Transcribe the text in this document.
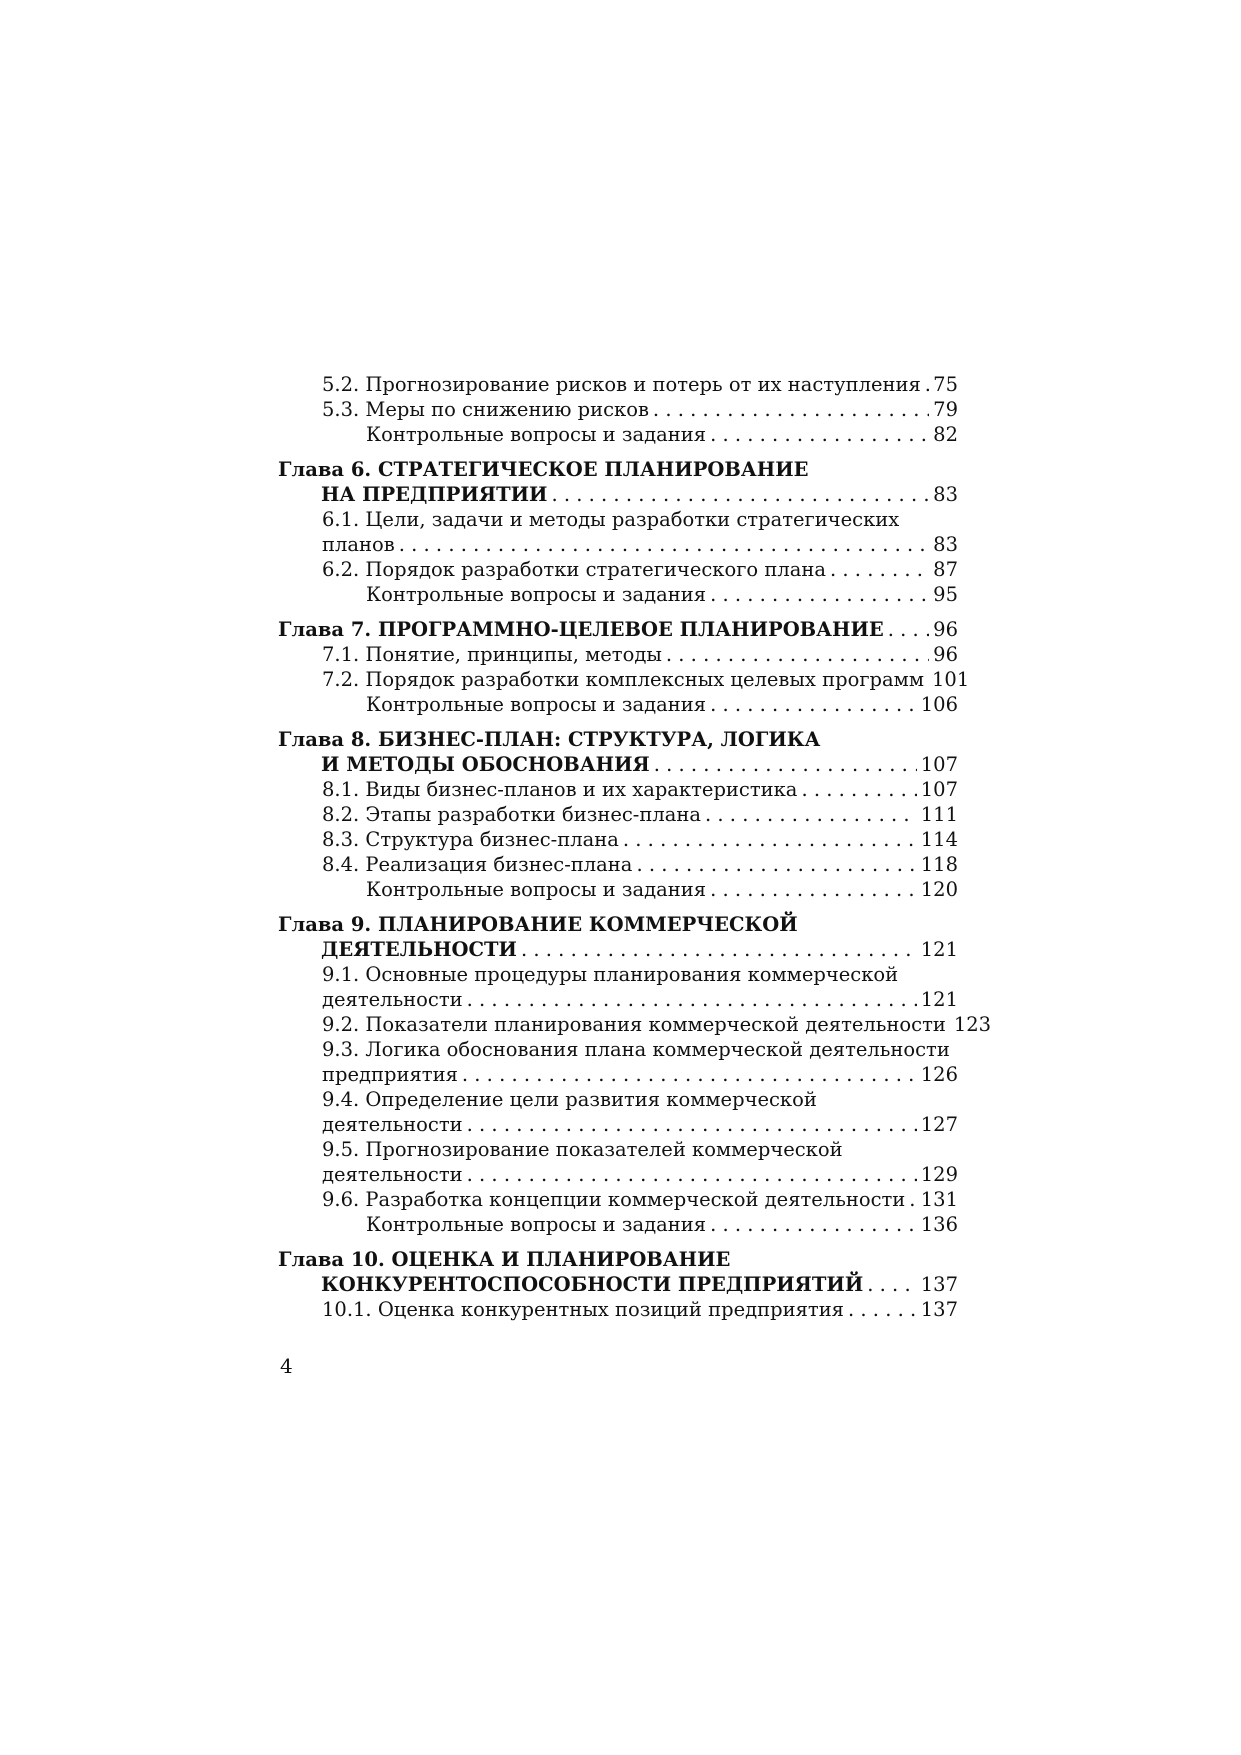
5.2. Прогнозирование рисков и потерь от их наступления . . . 75
5.3. Меры по снижению рисков . . .	79
Контрольные вопросы и задания . . .	82
Глава 6. СТРАТЕГИЧЕСКОЕ ПЛАНИРОВАНИЕ
НА ПРЕДПРИЯТИИ . . .	83
6.1. Цели, задачи и методы разработки стратегических
планов . . .	83
6.2. Порядок разработки стратегического плана . . .	87
Контрольные вопросы и задания . . .	95
Глава 7. ПРОГРАММНО-ЦЕЛЕВОЕ ПЛАНИРОВАНИЕ . . .	96
7.1. Понятие, принципы, методы . . .	96
7.2. Порядок разработки комплексных целевых программ 101
Контрольные вопросы и задания . . .	106
Глава 8. БИЗНЕС-ПЛАН: СТРУКТУРА, ЛОГИКА
И МЕТОДЫ ОБОСНОВАНИЯ . . .	107
8.1. Виды бизнес-планов и их характеристика . . .	107
8.2. Этапы разработки бизнес-плана . . .	111
8.3. Структура бизнес-плана . . .	114
8.4. Реализация бизнес-плана . . .	118
Контрольные вопросы и задания . . .	120
Глава 9. ПЛАНИРОВАНИЕ КОММЕРЧЕСКОЙ
ДЕЯТЕЛЬНОСТИ . . .	121
9.1. Основные процедуры планирования коммерческой
деятельности . . .	121
9.2. Показатели планирования коммерческой деятельности 123
9.3. Логика обоснования плана коммерческой деятельности
предприятия . . .	126
9.4. Определение цели развития коммерческой
деятельности . . .	127
9.5. Прогнозирование показателей коммерческой
деятельности . . .	129
9.6. Разработка концепции коммерческой деятельности . . . 131
Контрольные вопросы и задания . . .	136
Глава 10. ОЦЕНКА И ПЛАНИРОВАНИЕ
КОНКУРЕНТОСПОСОБНОСТИ ПРЕДПРИЯТИЙ . . .	137
10.1. Оценка конкурентных позиций предприятия . . .	137
4
